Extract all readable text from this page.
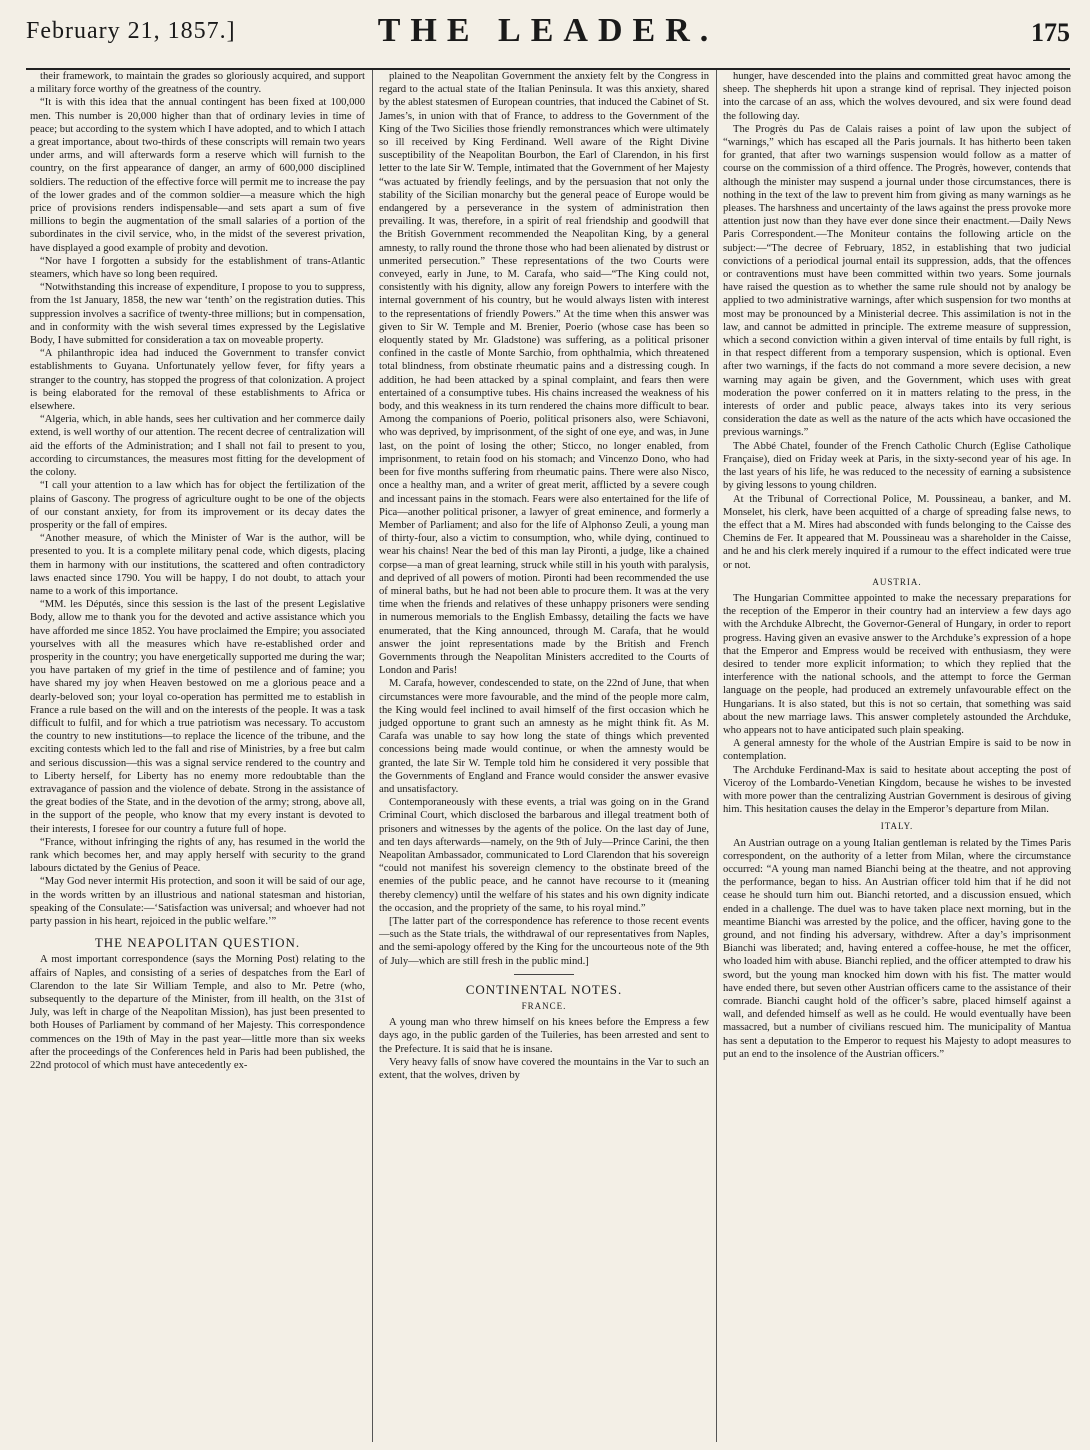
February 21, 1857.]	THE LEADER.	175

their framework, to maintain the grades so gloriously acquired, and support a military force worthy of the greatness of the country.

“It is with this idea that the annual contingent has been fixed at 100,000 men. This number is 20,000 higher than that of ordinary levies in time of peace; but according to the system which I have adopted, and to which I attach a great importance, about two-thirds of these conscripts will remain two years under arms, and will afterwards form a reserve which will furnish to the country, on the first appearance of danger, an army of 600,000 disciplined soldiers. The reduction of the effective force will permit me to increase the pay of the lower grades and of the common soldier—a measure which the high price of provisions renders indispensable—and sets apart a sum of five millions to begin the augmentation of the small salaries of a portion of the subordinates in the civil service, who, in the midst of the severest privation, have displayed a good example of probity and devotion.

“Nor have I forgotten a subsidy for the establishment of trans-Atlantic steamers, which have so long been required.

“Notwithstanding this increase of expenditure, I propose to you to suppress, from the 1st January, 1858, the new war ‘tenth’ on the registration duties. This suppression involves a sacrifice of twenty-three millions; but in compensation, and in conformity with the wish several times expressed by the Legislative Body, I have submitted for consideration a tax on moveable property.

“A philanthropic idea had induced the Government to transfer convict establishments to Guyana. Unfortunately yellow fever, for fifty years a stranger to the country, has stopped the progress of that colonization. A project is being elaborated for the removal of these establishments to Africa or elsewhere.

“Algeria, which, in able hands, sees her cultivation and her commerce daily extend, is well worthy of our attention. The recent decree of centralization will aid the efforts of the Administration; and I shall not fail to present to you, according to circumstances, the measures most fitting for the development of the colony.

“I call your attention to a law which has for object the fertilization of the plains of Gascony. The progress of agriculture ought to be one of the objects of our constant anxiety, for from its improvement or its decay dates the prosperity or the fall of empires.

“Another measure, of which the Minister of War is the author, will be presented to you. It is a complete military penal code, which digests, placing them in harmony with our institutions, the scattered and often contradictory laws enacted since 1790. You will be happy, I do not doubt, to attach your name to a work of this importance.

“MM. les Députés, since this session is the last of the present Legislative Body, allow me to thank you for the devoted and active assistance which you have afforded me since 1852. You have proclaimed the Empire; you associated yourselves with all the measures which have re-established order and prosperity in the country; you have energetically supported me during the war; you have partaken of my grief in the time of pestilence and of famine; you have shared my joy when Heaven bestowed on me a glorious peace and a dearly-beloved son; your loyal co-operation has permitted me to establish in France a rule based on the will and on the interests of the people. It was a task difficult to fulfil, and for which a true patriotism was necessary. To accustom the country to new institutions—to replace the licence of the tribune, and the exciting contests which led to the fall and rise of Ministries, by a free but calm and serious discussion—this was a signal service rendered to the country and to Liberty herself, for Liberty has no enemy more redoubtable than the extravagance of passion and the violence of debate. Strong in the assistance of the great bodies of the State, and in the devotion of the army; strong, above all, in the support of the people, who know that my every instant is devoted to their interests, I foresee for our country a future full of hope.

“France, without infringing the rights of any, has resumed in the world the rank which becomes her, and may apply herself with security to the grand labours dictated by the Genius of Peace.

“May God never intermit His protection, and soon it will be said of our age, in the words written by an illustrious and national statesman and historian, speaking of the Consulate:—‘Satisfaction was universal; and whoever had not party passion in his heart, rejoiced in the public welfare.’”

THE NEAPOLITAN QUESTION.

A most important correspondence (says the Morning Post) relating to the affairs of Naples, and consisting of a series of despatches from the Earl of Clarendon to the late Sir William Temple, and also to Mr. Petre (who, subsequently to the departure of the Minister, from ill health, on the 31st of July, was left in charge of the Neapolitan Mission), has just been presented to both Houses of Parliament by command of her Majesty. This correspondence commences on the 19th of May in the past year—little more than six weeks after the proceedings of the Conferences held in Paris had been published, the 22nd protocol of which must have antecedently ex-

plained to the Neapolitan Government the anxiety felt by the Congress in regard to the actual state of the Italian Peninsula. It was this anxiety, shared by the ablest statesmen of European countries, that induced the Cabinet of St. James’s, in union with that of France, to address to the Government of the King of the Two Sicilies those friendly remonstrances which were ultimately so ill received by King Ferdinand. Well aware of the Right Divine susceptibility of the Neapolitan Bourbon, the Earl of Clarendon, in his first letter to the late Sir W. Temple, intimated that the Government of her Majesty “was actuated by friendly feelings, and by the persuasion that not only the stability of the Sicilian monarchy but the general peace of Europe would be endangered by a perseverance in the system of administration then prevailing. It was, therefore, in a spirit of real friendship and goodwill that the British Government recommended the Neapolitan King, by a general amnesty, to rally round the throne those who had been alienated by distrust or unmerited persecution.” These representations of the two Courts were conveyed, early in June, to M. Carafa, who said—“The King could not, consistently with his dignity, allow any foreign Powers to interfere with the internal government of his country, but he would always listen with interest to the representations of friendly Powers.” At the time when this answer was given to Sir W. Temple and M. Brenier, Poerio (whose case has been so eloquently stated by Mr. Gladstone) was suffering, as a political prisoner confined in the castle of Monte Sarchio, from ophthalmia, which threatened total blindness, from obstinate rheumatic pains and a distressing cough. In addition, he had been attacked by a spinal complaint, and fears then were entertained of a consumptive tubes. His chains increased the weakness of his body, and this weakness in its turn rendered the chains more difficult to bear. Among the companions of Poerio, political prisoners also, were Schiavoni, who was deprived, by imprisonment, of the sight of one eye, and was, in June last, on the point of losing the other; Sticco, no longer enabled, from imprisonment, to retain food on his stomach; and Vincenzo Dono, who had been for five months suffering from rheumatic pains. There were also Nisco, once a healthy man, and a writer of great merit, afflicted by a severe cough and incessant pains in the stomach. Fears were also entertained for the life of Pica—another political prisoner, a lawyer of great eminence, and formerly a Member of Parliament; and also for the life of Alphonso Zeuli, a young man of thirty-four, also a victim to consumption, who, while dying, continued to wear his chains! Near the bed of this man lay Pironti, a judge, like a chained corpse—a man of great learning, struck while still in his youth with paralysis, and deprived of all powers of motion. Pironti had been recommended the use of mineral baths, but he had not been able to procure them. It was at the very time when the friends and relatives of these unhappy prisoners were sending in numerous memorials to the English Embassy, detailing the facts we have enumerated, that the King announced, through M. Carafa, that he would answer the joint representations made by the British and French Governments through the Neapolitan Ministers accredited to the Courts of London and Paris!

M. Carafa, however, condescended to state, on the 22nd of June, that when circumstances were more favourable, and the mind of the people more calm, the King would feel inclined to avail himself of the first occasion which he judged opportune to grant such an amnesty as he might think fit. As M. Carafa was unable to say how long the state of things which prevented concessions being made would continue, or when the amnesty would be granted, the late Sir W. Temple told him he considered it very possible that the Governments of England and France would consider the answer evasive and unsatisfactory.

Contemporaneously with these events, a trial was going on in the Grand Criminal Court, which disclosed the barbarous and illegal treatment both of prisoners and witnesses by the agents of the police. On the last day of June, and ten days afterwards—namely, on the 9th of July—Prince Carini, the then Neapolitan Ambassador, communicated to Lord Clarendon that his sovereign “could not manifest his sovereign clemency to the obstinate breed of the enemies of the public peace, and he cannot have recourse to it (meaning thereby clemency) until the welfare of his states and his own dignity indicate the occasion, and the propriety of the same, to his royal mind.”

[The latter part of the correspondence has reference to those recent events—such as the State trials, the withdrawal of our representatives from Naples, and the semi-apology offered by the King for the uncourteous note of the 9th of July—which are still fresh in the public mind.]

CONTINENTAL NOTES.
FRANCE.

A young man who threw himself on his knees before the Empress a few days ago, in the public garden of the Tuileries, has been arrested and sent to the Prefecture. It is said that he is insane.

Very heavy falls of snow have covered the mountains in the Var to such an extent, that the wolves, driven by

hunger, have descended into the plains and committed great havoc among the sheep. The shepherds hit upon a strange kind of reprisal. They injected poison into the carcase of an ass, which the wolves devoured, and six were found dead the following day.

The Progrès du Pas de Calais raises a point of law upon the subject of “warnings,” which has escaped all the Paris journals. It has hitherto been taken for granted, that after two warnings suspension would follow as a matter of course on the commission of a third offence. The Progrès, however, contends that although the minister may suspend a journal under those circumstances, there is nothing in the text of the law to prevent him from giving as many warnings as he pleases. The harshness and uncertainty of the laws against the press provoke more attention just now than they have ever done since their enactment.—Daily News Paris Correspondent.—The Moniteur contains the following article on the subject:—“The decree of February, 1852, in establishing that two judicial convictions of a periodical journal entail its suppression, adds, that the offences or contraventions must have been committed within two years. Some journals have raised the question as to whether the same rule should not by analogy be applied to two administrative warnings, after which suspension for two months at most may be pronounced by a Ministerial decree. This assimilation is not in the law, and cannot be admitted in principle. The extreme measure of suppression, which a second conviction within a given interval of time entails by full right, is in that respect different from a temporary suspension, which is optional. Even after two warnings, if the facts do not command a more severe decision, a new warning may again be given, and the Government, which uses with great moderation the power conferred on it in matters relating to the press, in the interests of order and public peace, always takes into its very serious consideration the date as well as the nature of the acts which have occasioned the previous warnings.”

The Abbé Chatel, founder of the French Catholic Church (Eglise Catholique Française), died on Friday week at Paris, in the sixty-second year of his age. In the last years of his life, he was reduced to the necessity of earning a subsistence by giving lessons to young children.

At the Tribunal of Correctional Police, M. Poussineau, a banker, and M. Monselet, his clerk, have been acquitted of a charge of spreading false news, to the effect that a M. Mires had absconded with funds belonging to the Caisse des Chemins de Fer. It appeared that M. Poussineau was a shareholder in the Caisse, and he and his clerk merely inquired if a rumour to the effect indicated were true or not.

AUSTRIA.

The Hungarian Committee appointed to make the necessary preparations for the reception of the Emperor in their country had an interview a few days ago with the Archduke Albrecht, the Governor-General of Hungary, in order to report progress. Having given an evasive answer to the Archduke’s expression of a hope that the Emperor and Empress would be received with enthusiasm, they were desired to tender more explicit information; to which they replied that the interference with the national schools, and the attempt to force the German language on the people, had produced an extremely unfavourable effect on the Hungarians. It is also stated, but this is not so certain, that something was said about the new marriage laws. This answer completely astounded the Archduke, who appears not to have anticipated such plain speaking.

A general amnesty for the whole of the Austrian Empire is said to be now in contemplation.

The Archduke Ferdinand-Max is said to hesitate about accepting the post of Viceroy of the Lombardo-Venetian Kingdom, because he wishes to be invested with more power than the centralizing Austrian Government is desirous of giving him. This hesitation causes the delay in the Emperor’s departure from Milan.

ITALY.

An Austrian outrage on a young Italian gentleman is related by the Times Paris correspondent, on the authority of a letter from Milan, where the circumstance occurred: “A young man named Bianchi being at the theatre, and not approving the performance, began to hiss. An Austrian officer told him that if he did not cease he should turn him out. Bianchi retorted, and a discussion ensued, which ended in a challenge. The duel was to have taken place next morning, but in the meantime Bianchi was arrested by the police, and the officer, having gone to the ground, and not finding his adversary, withdrew. After a day’s imprisonment Bianchi was liberated; and, having entered a coffee-house, he met the officer, who loaded him with abuse. Bianchi replied, and the officer attempted to draw his sword, but the young man knocked him down with his fist. The matter would have ended there, but seven other Austrian officers came to the assistance of their comrade. Bianchi caught hold of the officer’s sabre, placed himself against a wall, and defended himself as well as he could. He would eventually have been massacred, but a number of civilians rescued him. The municipality of Mantua has sent a deputation to the Emperor to request his Majesty to adopt measures to put an end to the insolence of the Austrian officers.”
